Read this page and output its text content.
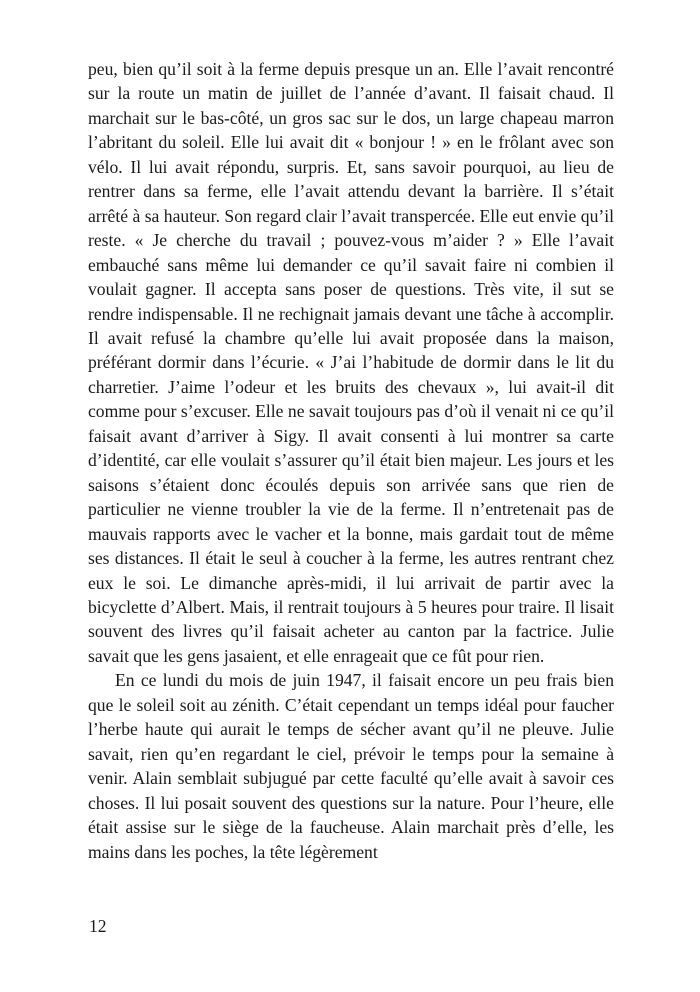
peu, bien qu’il soit à la ferme depuis presque un an. Elle l’avait rencontré sur la route un matin de juillet de l’année d’avant. Il faisait chaud. Il marchait sur le bas-côté, un gros sac sur le dos, un large chapeau marron l’abritant du soleil. Elle lui avait dit « bonjour ! » en le frôlant avec son vélo. Il lui avait répondu, surpris. Et, sans savoir pourquoi, au lieu de rentrer dans sa ferme, elle l’avait attendu devant la barrière. Il s’était arrêté à sa hauteur. Son regard clair l’avait transpercée. Elle eut envie qu’il reste. « Je cherche du travail ; pouvez-vous m’aider ? » Elle l’avait embauché sans même lui demander ce qu’il savait faire ni combien il voulait gagner. Il accepta sans poser de questions. Très vite, il sut se rendre indispensable. Il ne rechignait jamais devant une tâche à accomplir. Il avait refusé la chambre qu’elle lui avait proposée dans la maison, préférant dormir dans l’écurie. « J’ai l’habitude de dormir dans le lit du charretier. J’aime l’odeur et les bruits des chevaux », lui avait-il dit comme pour s’excuser. Elle ne savait toujours pas d’où il venait ni ce qu’il faisait avant d’arriver à Sigy. Il avait consenti à lui montrer sa carte d’identité, car elle voulait s’assurer qu’il était bien majeur. Les jours et les saisons s’étaient donc écoulés depuis son arrivée sans que rien de particulier ne vienne troubler la vie de la ferme. Il n’entretenait pas de mauvais rapports avec le vacher et la bonne, mais gardait tout de même ses distances. Il était le seul à coucher à la ferme, les autres rentrant chez eux le soi. Le dimanche après-midi, il lui arrivait de partir avec la bicyclette d’Albert. Mais, il rentrait toujours à 5 heures pour traire. Il lisait souvent des livres qu’il faisait acheter au canton par la factrice. Julie savait que les gens jasaient, et elle enrageait que ce fût pour rien.

En ce lundi du mois de juin 1947, il faisait encore un peu frais bien que le soleil soit au zénith. C’était cependant un temps idéal pour faucher l’herbe haute qui aurait le temps de sécher avant qu’il ne pleuve. Julie savait, rien qu’en regardant le ciel, prévoir le temps pour la semaine à venir. Alain semblait subjugué par cette faculté qu’elle avait à savoir ces choses. Il lui posait souvent des questions sur la nature. Pour l’heure, elle était assise sur le siège de la faucheuse. Alain marchait près d’elle, les mains dans les poches, la tête légèrement

12
